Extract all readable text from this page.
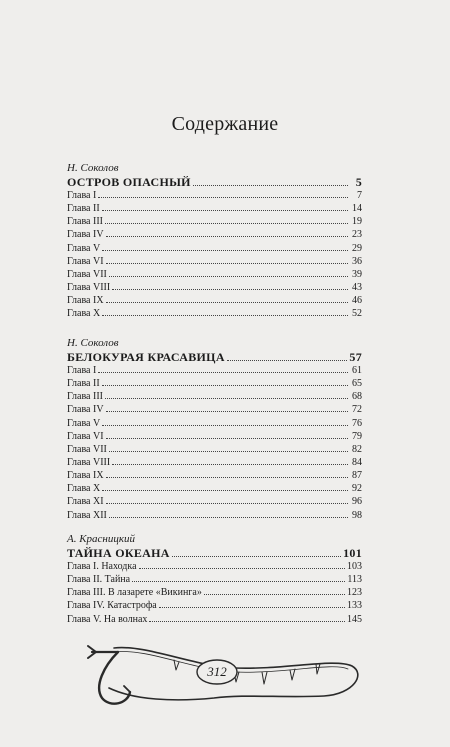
Содержание
Н. Соколов
ОСТРОВ ОПАСНЫЙ	5
Глава I	7
Глава II	14
Глава III	19
Глава IV	23
Глава V	29
Глава VI	36
Глава VII	39
Глава VIII	43
Глава IX	46
Глава X	52
Н. Соколов
БЕЛОКУРАЯ КРАСАВИЦА	57
Глава I	61
Глава II	65
Глава III	68
Глава IV	72
Глава V	76
Глава VI	79
Глава VII	82
Глава VIII	84
Глава IX	87
Глава X	92
Глава XI	96
Глава XII	98
А. Красницкий
ТАЙНА ОКЕАНА	101
Глава I. Находка	103
Глава II. Тайна	113
Глава III. В лазарете «Викинга»	123
Глава IV. Катастрофа	133
Глава V. На волнах	145
312
